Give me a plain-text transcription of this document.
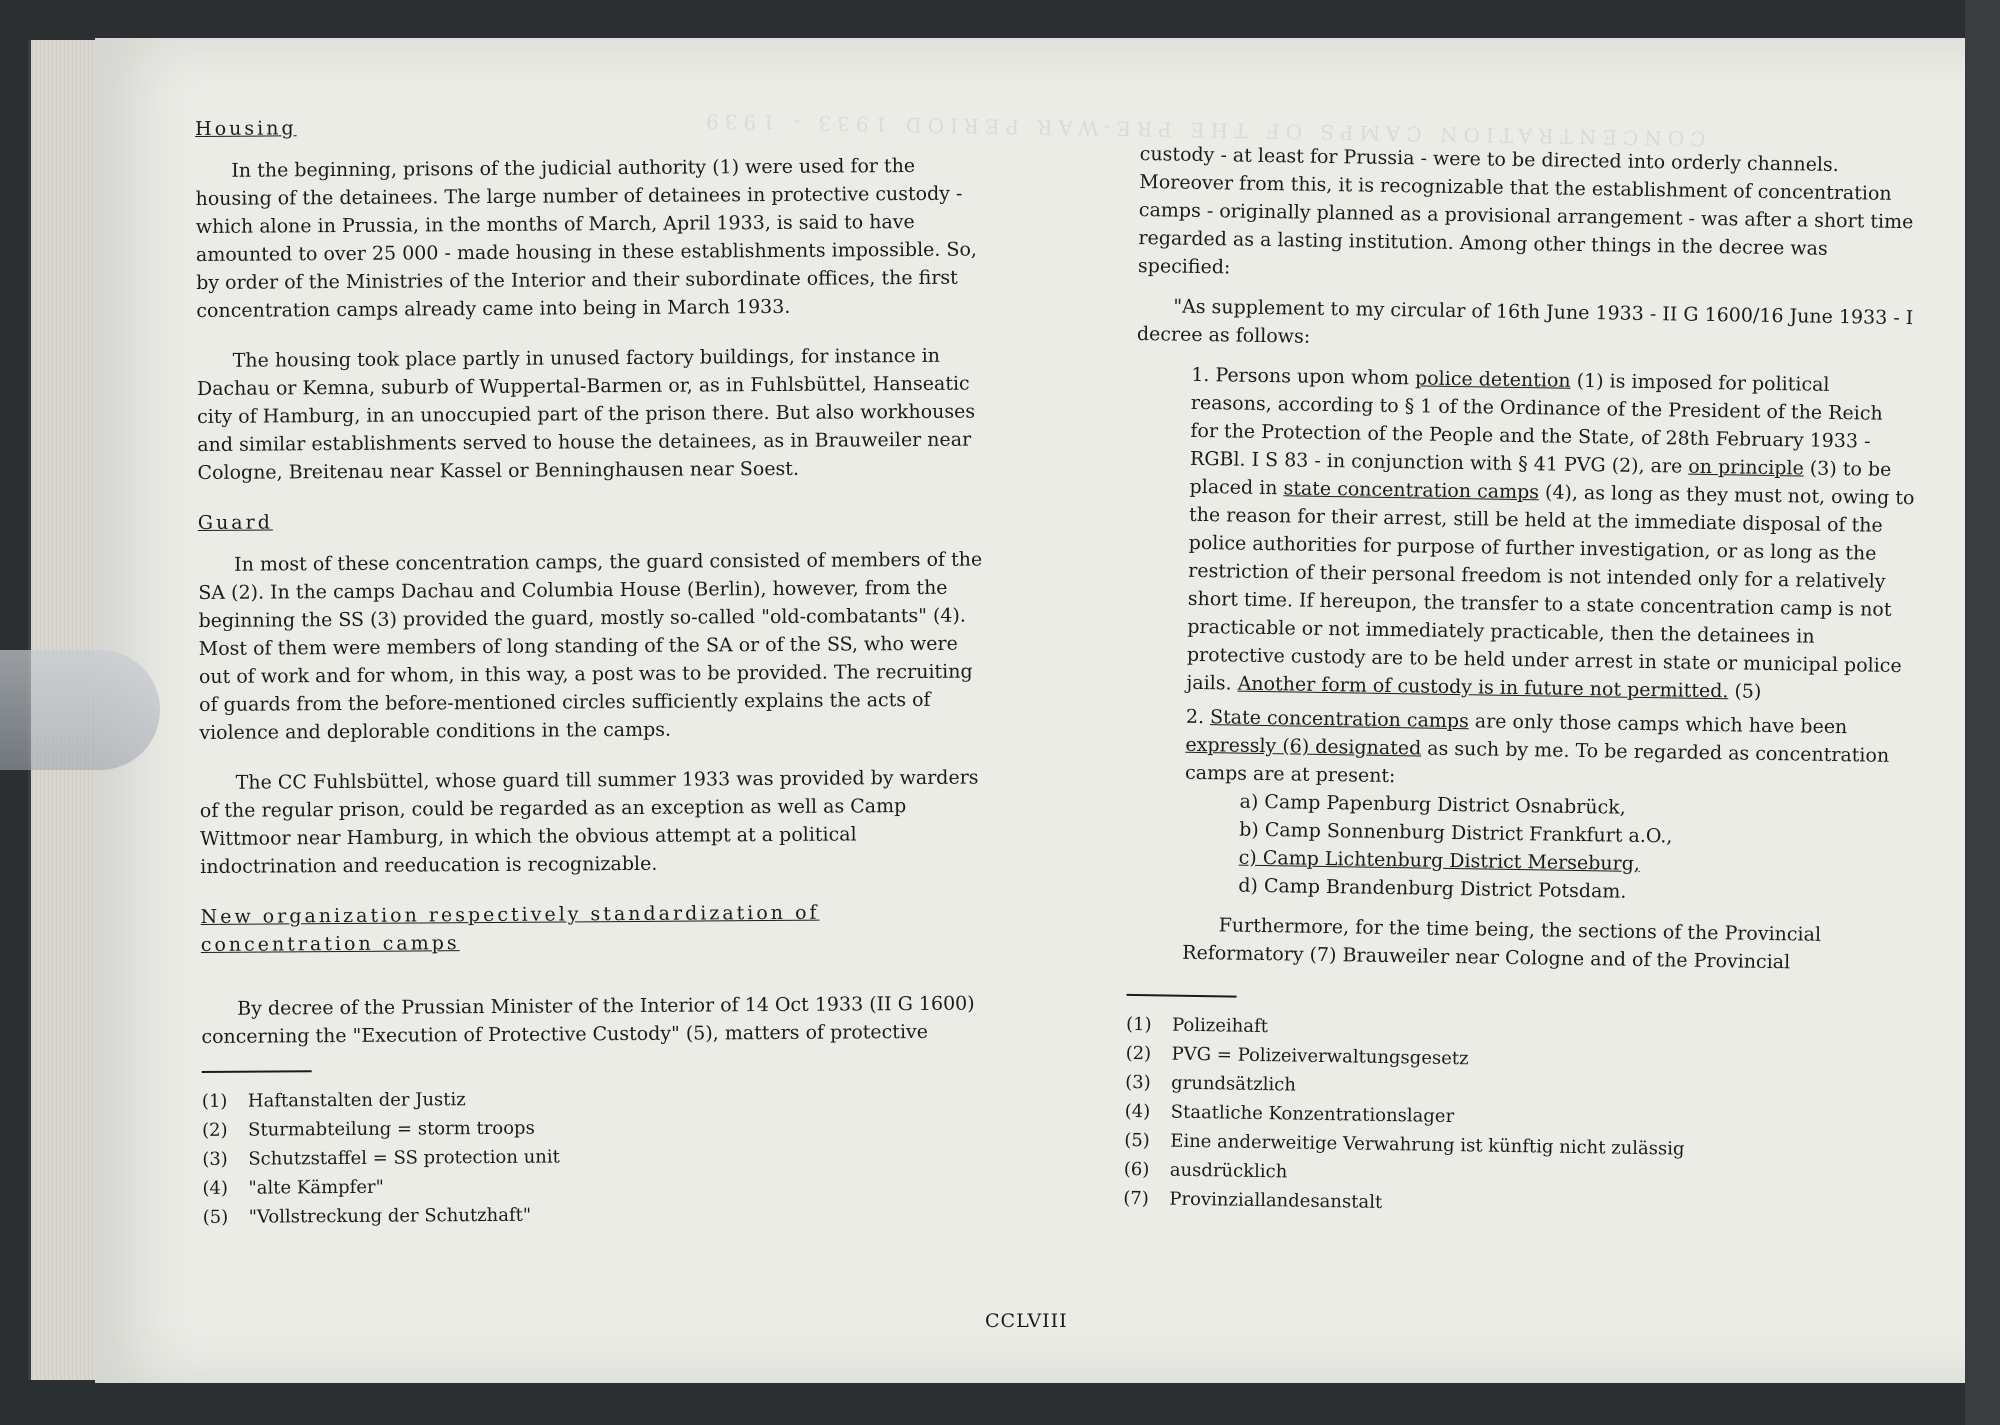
CONCENTRATION CAMPS OF THE PRE-WAR PERIOD 1933 - 1939

Housing

In the beginning, prisons of the judicial authority (1) were used for the housing of the detainees. The large number of detainees in protective custody - which alone in Prussia, in the months of March, April 1933, is said to have amounted to over 25 000 - made housing in these establishments impossible. So, by order of the Ministries of the Interior and their subordinate offices, the first concentration camps already came into being in March 1933.

The housing took place partly in unused factory buildings, for instance in Dachau or Kemna, suburb of Wuppertal-Barmen or, as in Fuhlsbüttel, Hanseatic city of Hamburg, in an unoccupied part of the prison there. But also workhouses and similar establishments served to house the detainees, as in Brauweiler near Cologne, Breitenau near Kassel or Benninghausen near Soest.

Guard

In most of these concentration camps, the guard consisted of members of the SA (2). In the camps Dachau and Columbia House (Berlin), however, from the beginning the SS (3) provided the guard, mostly so-called "old-combatants" (4). Most of them were members of long standing of the SA or of the SS, who were out of work and for whom, in this way, a post was to be provided. The recruiting of guards from the before-mentioned circles sufficiently explains the acts of violence and deplorable conditions in the camps.

The CC Fuhlsbüttel, whose guard till summer 1933 was provided by warders of the regular prison, could be regarded as an exception as well as Camp Wittmoor near Hamburg, in which the obvious attempt at a political indoctrination and reeducation is recognizable.

New organization respectively standardization of concentration camps

By decree of the Prussian Minister of the Interior of 14 Oct 1933 (II G 1600) concerning the "Execution of Protective Custody" (5), matters of protective

(1)	Haftanstalten der Justiz
(2)	Sturmabteilung = storm troops
(3)	Schutzstaffel = SS protection unit
(4)	"alte Kämpfer"
(5)	"Vollstreckung der Schutzhaft"

custody - at least for Prussia - were to be directed into orderly channels. Moreover from this, it is recognizable that the establishment of concentration camps - originally planned as a provisional arrangement - was after a short time regarded as a lasting institution. Among other things in the decree was specified:

"As supplement to my circular of 16th June 1933 - II G 1600/16 June 1933 - I decree as follows:

1. Persons upon whom police detention (1) is imposed for political reasons, according to § 1 of the Ordinance of the President of the Reich for the Protection of the People and the State, of 28th February 1933 - RGBl. I S 83 - in conjunction with § 41 PVG (2), are on principle (3) to be placed in state concentration camps (4), as long as they must not, owing to the reason for their arrest, still be held at the immediate disposal of the police authorities for purpose of further investigation, or as long as the restriction of their personal freedom is not intended only for a relatively short time. If hereupon, the transfer to a state concentration camp is not practicable or not immediately practicable, then the detainees in protective custody are to be held under arrest in state or municipal police jails. Another form of custody is in future not permitted. (5)

2. State concentration camps are only those camps which have been expressly (6) designated as such by me. To be regarded as concentration camps are at present:

a) Camp Papenburg District Osnabrück,

b) Camp Sonnenburg District Frankfurt a.O.,

c) Camp Lichtenburg District Merseburg,

d) Camp Brandenburg District Potsdam.

Furthermore, for the time being, the sections of the Provincial Reformatory (7) Brauweiler near Cologne and of the Provincial

(1)	Polizeihaft
(2)	PVG = Polizeiverwaltungsgesetz
(3)	grundsätzlich
(4)	Staatliche Konzentrationslager
(5)	Eine anderweitige Verwahrung ist künftig nicht zulässig
(6)	ausdrücklich
(7)	Provinziallandesanstalt
CCLVIII
